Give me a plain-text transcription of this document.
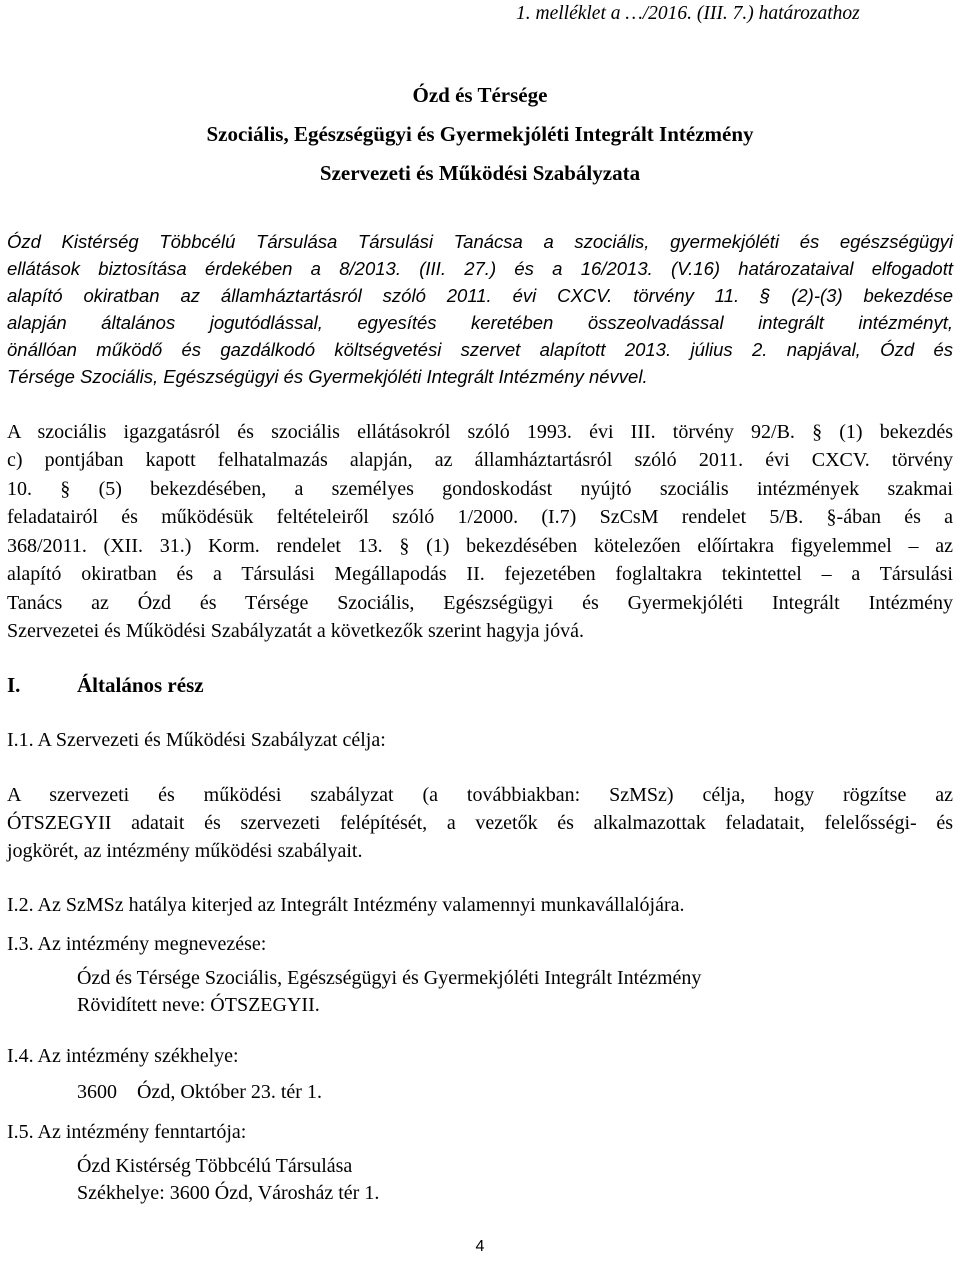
1. melléklet a …/2016. (III. 7.) határozathoz
Ózd és Térsége
Szociális, Egészségügyi és Gyermekjóléti Integrált Intézmény
Szervezeti és Működési Szabályzata
Ózd Kistérség Többcélú Társulása Társulási Tanácsa a szociális, gyermekjóléti és egészségügyi
ellátások biztosítása érdekében a 8/2013. (III. 27.) és a 16/2013. (V.16) határozataival elfogadott
alapító okiratban az államháztartásról szóló 2011. évi CXCV. törvény 11. § (2)-(3) bekezdése
alapján általános jogutódlással, egyesítés keretében összeolvadással integrált intézményt,
önállóan működő és gazdálkodó költségvetési szervet alapított 2013. július 2. napjával, Ózd és
Térsége Szociális, Egészségügyi és Gyermekjóléti Integrált Intézmény névvel.
A szociális igazgatásról és szociális ellátásokról szóló 1993. évi III. törvény 92/B. § (1) bekezdés
c) pontjában kapott felhatalmazás alapján, az államháztartásról szóló 2011. évi CXCV. törvény
10. § (5) bekezdésében, a személyes gondoskodást nyújtó szociális intézmények szakmai
feladatairól és működésük feltételeiről szóló 1/2000. (I.7) SzCsM rendelet 5/B. §-ában és a
368/2011. (XII. 31.) Korm. rendelet 13. § (1) bekezdésében kötelezően előírtakra figyelemmel – az
alapító okiratban és a Társulási Megállapodás II. fejezetében foglaltakra tekintettel – a Társulási
Tanács az Ózd és Térsége Szociális, Egészségügyi és Gyermekjóléti Integrált Intézmény
Szervezetei és Működési Szabályzatát a következők szerint hagyja jóvá.
I.	Általános rész
I.1. A Szervezeti és Működési Szabályzat célja:
A szervezeti és működési szabályzat (a továbbiakban: SzMSz) célja, hogy rögzítse az
ÓTSZEGYII adatait és szervezeti felépítését, a vezetők és alkalmazottak feladatait, felelősségi- és
jogkörét, az intézmény működési szabályait.
I.2. Az SzMSz hatálya kiterjed az Integrált Intézmény valamennyi munkavállalójára.
I.3. Az intézmény megnevezése:
Ózd és Térsége Szociális, Egészségügyi és Gyermekjóléti Integrált Intézmény
Rövidített neve: ÓTSZEGYII.
I.4. Az intézmény székhelye:
3600    Ózd, Október 23. tér 1.
I.5. Az intézmény fenntartója:
Ózd Kistérség Többcélú Társulása
Székhelye: 3600 Ózd, Városház tér 1.
4
